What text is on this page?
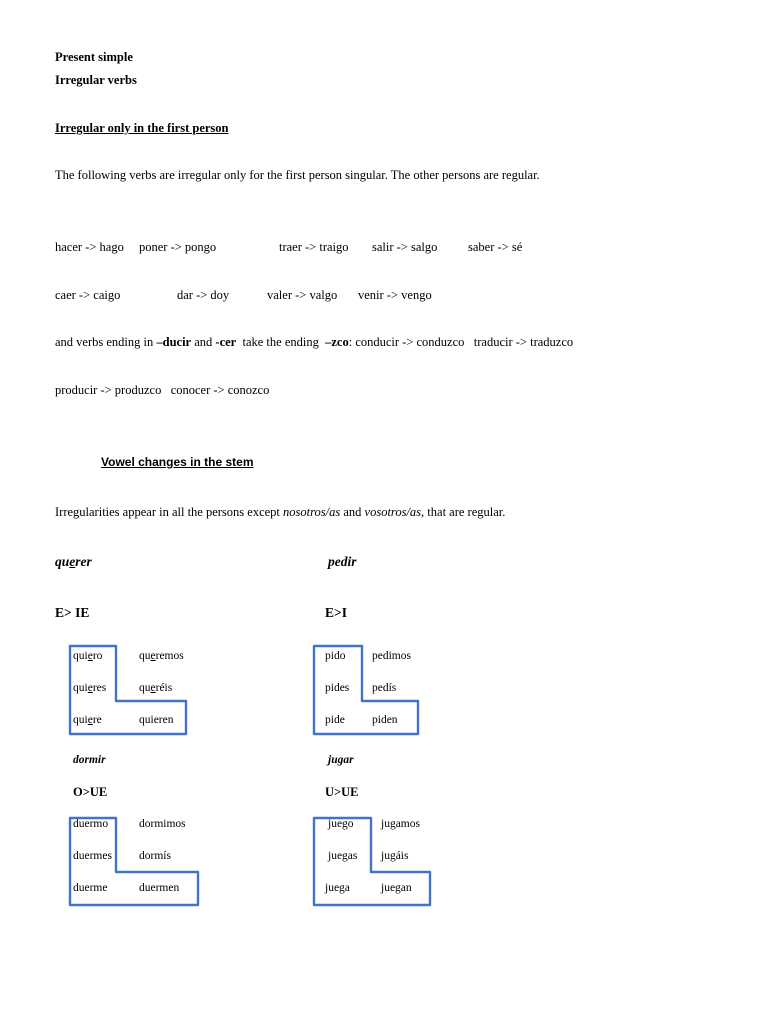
Present simple
Irregular verbs
Irregular only in the first person
The following verbs are irregular only for the first person singular. The other persons are regular.
hacer -> hago poner -> pongo	traer -> traigo salir -> salgo saber -> sé
caer -> caigo	dar -> doy	valer -> valgo venir -> vengo
and verbs ending in –ducir and -cer  take the ending  –zco: conducir -> conduzco   traducir -> traduzco
producir -> produzco   conocer -> conozco
Vowel changes in the stem
Irregularities appear in all the persons except nosotros/as and vosotros/as, that are regular.
querer
E> IE
quiero	queremos
quieres	queréis
quiere	quieren
pedir
E>I
pido pedimos
pides pedís
pide piden
dormir
O>UE
duermo	dormimos
duermes dormís
duerme	duermen
jugar
U>UE
juego jugamos
juegas jugáis
juega	juegan
